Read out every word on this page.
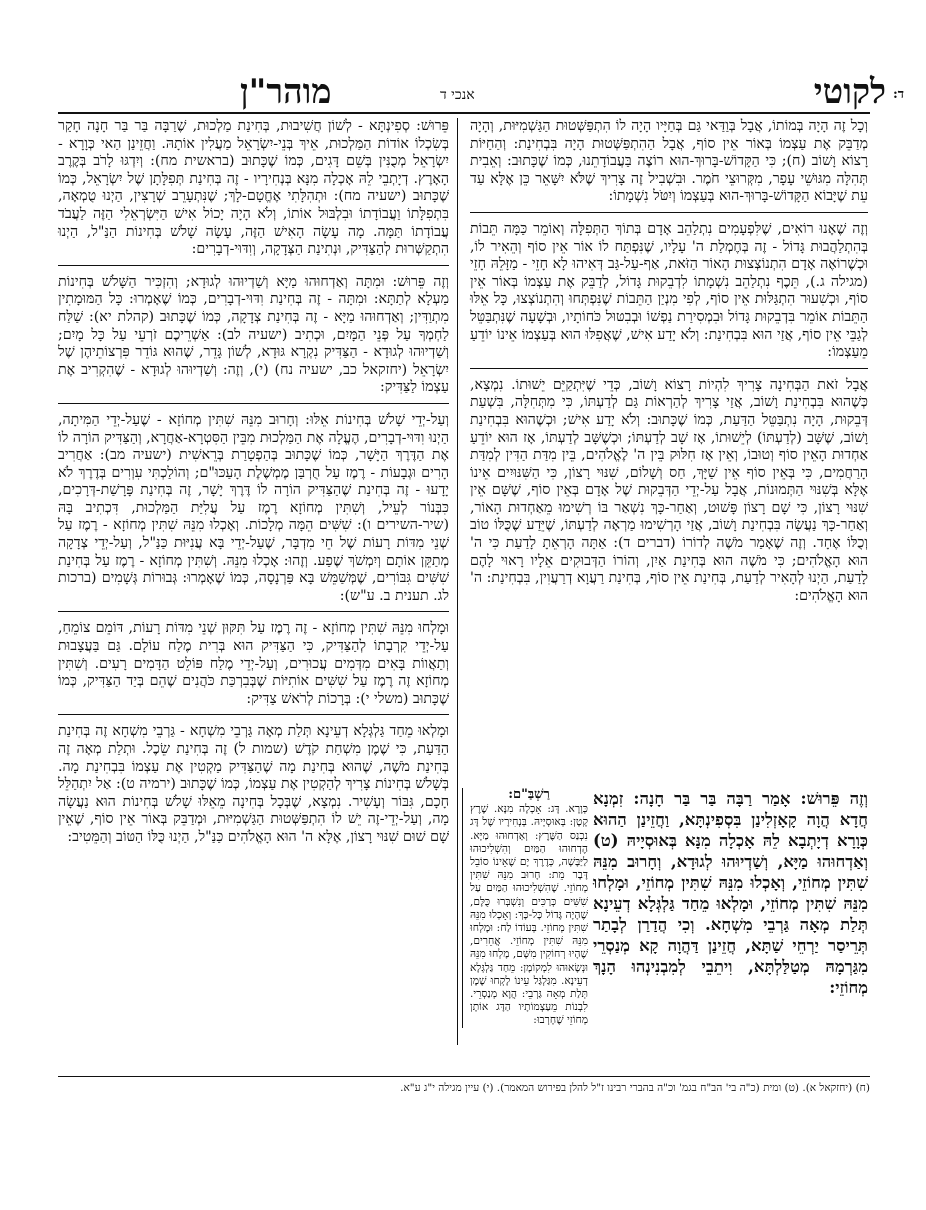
ד:
לקוטי
אנכי ד
מוהר"ן

וְכָל זֶה הָיָה בְּמוֹתוֹ, אֲבָל בְּוַדַּאי גַּם בְּחַיָּיו הָיָה לוֹ הִתְפַּשְּׁטוּת הַגַּשְׁמִיּוּת, וְהָיָה מְדַבֵּק אֶת עַצְמוֹ בְּאוֹר אֵין סוֹף, אֲבָל הַהִתְפַּשְּׁטוּת הָיָה בִּבְחִינַת: וְהַחַיּוֹת רָצוֹא וָשׁוֹב (ח); כִּי הַקָּדוֹשׁ-בָּרוּךְ-הוּא רוֹצֶה בַּעֲבוֹדָתֵנוּ, כְּמוֹ שֶׁכָּתוּב: וְאֵבִית תְּהִלָּה מִגּוּשֵׁי עָפָר, מִקְּרוּצֵי חֹמֶר. וּבִשְׁבִיל זֶה צָרִיךְ שֶׁלֹּא יִשָּׁאֵר כֵּן אֶלָּא עַד עֵת שֶׁיָּבוֹא הַקָּדוֹשׁ-בָּרוּךְ-הוּא בְּעַצְמוֹ וְיִטֹּל נִשְׁמָתוֹ:

וְזֶה שֶׁאָנוּ רוֹאִים, שֶׁלִּפְעָמִים נִתְלַהֵב אָדָם בְּתוֹךְ הַתְּפִלָּה וְאוֹמֵר כַּמָּה תֵּבוֹת בְּהִתְלַהֲבוּת גָּדוֹל - זֶה בְּחֶמְלַת ה' עָלָיו, שֶׁנִּפְתַּח לוֹ אוֹר אֵין סוֹף וְהֵאִיר לוֹ, וּכְשֶׁרוֹאֶה אָדָם הִתְנוֹצְצוּת הָאוֹר הַזֹּאת, אַף-עַל-גַּב דְּאִיהוּ לָא חָזֵי - מַזָּלֵהּ חָזֵי (מגילה ג.), תֵּכֶף נִתְלַהֵב נִשְׁמָתוֹ לִדְבֵקוּת גָּדוֹל, לְדַבֵּק אֶת עַצְמוֹ בְּאוֹר אֵין סוֹף, וּכְשִׁעוּר הִתְגַּלּוּת אֵין סוֹף, לְפִי מִנְיַן הַתֵּבוֹת שֶׁנִּפְתְּחוּ וְהִתְנוֹצְצוּ, כָּל אֵלּוּ הַתֵּבוֹת אוֹמֵר בִּדְבֵקוּת גָּדוֹל וּבִמְסִירַת נַפְשׁוֹ וּבְבִטּוּל כֹּחוֹתָיו, וּבְשָׁעָה שֶׁנִּתְבַּטֵּל לְגַבֵּי אֵין סוֹף, אֲזַי הוּא בִּבְחִינַת: וְלֹא יָדַע אִישׁ, שֶׁאֲפִלּוּ הוּא בְּעַצְמוֹ אֵינוֹ יוֹדֵעַ מֵעַצְמוֹ:

אֲבָל זֹאת הַבְּחִינָה צָרִיךְ לִהְיוֹת רָצוֹא וָשׁוֹב, כְּדֵי שֶׁיִּתְקַיֵּם יֵשׁוּתוֹ. נִמְצָא, כְּשֶׁהוּא בִּבְחִינַת וָשׁוֹב, אֲזַי צָרִיךְ לְהַרְאוֹת גַּם לְדַעְתּוֹ, כִּי מִתְּחִלָּה, בִּשְׁעַת דְּבֵקוּת, הָיָה נִתְבַּטֵּל הַדַּעַת, כְּמוֹ שֶׁכָּתוּב: וְלֹא יָדַע אִישׁ; וּכְשֶׁהוּא בִּבְחִינַת וָשׁוֹב, שֶׁשָּׁב (לְדַעְתּוֹ) לְיֵשׁוּתוֹ, אָז שָׁב לְדַעְתּוֹ; וּכְשֶׁשָּׁב לְדַעְתּוֹ, אָז הוּא יוֹדֵעַ אַחְדוּת הָאֵין סוֹף וְטוּבוֹ, וְאֵין אָז חִלּוּק בֵּין ה' לֶאֱלֹהִים, בֵּין מִדַּת הַדִּין לְמִדַּת הָרַחֲמִים, כִּי בְּאֵין סוֹף אֵין שַׁיָּךְ, חַס וְשָׁלוֹם, שִׁנּוּי רָצוֹן, כִּי הַשִּׁנּוּיִים אֵינוֹ אֶלָּא בְּשִׁנּוּי הַתְּמוּנוֹת, אֲבָל עַל-יְדֵי הַדְּבֵקוּת שֶׁל אָדָם בְּאֵין סוֹף, שֶׁשָּׁם אֵין שִׁנּוּי רָצוֹן, כִּי שָׁם רָצוֹן פָּשׁוּט, וְאַחַר-כָּךְ נִשְׁאַר בּוֹ רְשִׁימוּ מֵאַחְדוּת הָאוֹר, וְאַחַר-כָּךְ נַעֲשָׂה בִּבְחִינַת וָשׁוֹב, אֲזַי הָרְשִׁימוּ מַרְאָה לְדַעְתּוֹ, שֶׁיֵּדַע שֶׁכֻּלּוֹ טוֹב וְכֻלּוֹ אֶחָד. וְזֶה שֶׁאָמַר מֹשֶׁה לְדוֹרוֹ (דברים ד): אַתָּה הָרְאֵתָ לָדַעַת כִּי ה' הוּא הָאֱלֹהִים; כִּי מֹשֶׁה הוּא בְּחִינַת אַיִן, וְהוֹרוֹ הַדְּבוּקִים אֵלָיו רָאוּי לָהֶם לָדַעַת, הַיְנוּ לְהָאִיר לְדַעַת, בְּחִינַת אֵין סוֹף, בְּחִינַת רַעֲוָא דְרַעֲוִין, בִּבְחִינַת: ה' הוּא הָאֱלֹהִים:

וְזֶה פֵּרוּשׁ: אָמַר רַבָּה בַּר בַּר חָנָה: זִמְנָא חֲדָא הֲוָה קָאָזְלִינַן בִּסְפִינְתָּא, וַחֲזֵינַן הַהוּא כְּוָרָא דְיָתְבָא לֵהּ אָכְלָה מִנָּא בְּאוּסְיָיהּ (ט) וְאַדְחוּהוּ מַיָּא, וְשַׁדְיוּהוּ לְגוּדָא, וְחָרוּב מִנֵּהּ שִׁתִּין מְחוֹזֵי, וְאָכְלוּ מִנֵּהּ שִׁתִּין מְחוֹזֵי, וּמָלְחוּ מִנֵּהּ שִׁתִּין מְחוֹזֵי, וּמָלְאוּ מֵחַד גַּלְגְּלָא דְעֵינָא תְּלַת מְאָה גַּרְבֵי מִשְׁחָא. וְכִי הֲדַרַן לְבָתַר תְּרֵיסַר יַרְחֵי שַׁתָּא, חֲזֵינַן דַּהֲוָה קָא מְנַסְרֵי מִגַּרְמָהּ מְטַלַּלְתָּא, וִיתֵבֵי לְמִבְנִינְהוּ הָנָךְ מְחוֹזֵי:
רַשְׁבַּ"ם:
כְּוָרָא. דָּג: אָכְלָה מִנָּא. שֶׁרֶץ קָטָן: בְּאוּסְיָיהּ. בְּנְחִירָיו שֶׁל דָּג נִכְנַס הַשֶּׁרֶץ: וְאַדְחוּהוּ מַיָּא. הֶדְחוּהוּ הַמַּיִם וְהִשְׁלִיכוּהוּ לַיַּבָּשָׁה, כְּדֶרֶךְ יָם שֶׁאֵינוֹ סוֹבֵל דָּבָר מֵת: חָרוּב מִנֵּהּ שִׁתִּין מְחוֹזֵי. שֶׁהִשְׁלִיכוּהוּ הַמַּיִם עַל שִׁשִּׁים כְּרַכִּים וְנִשְׁבְּרוּ כֻּלָּם, שֶׁהָיָה גָּדוֹל כָּל-כָּךְ: וְאָכְלוּ מִנֵּהּ שִׁתִּין מְחוֹזֵי. בְּעוֹדוֹ לַח: וּמָלְחוּ מִנֵּהּ שִׁתִּין מְחוֹזֵי. אֲחֵרִים, שֶׁהָיוּ רְחוֹקִין מִשָּׁם, מָלְחוּ מִנֵּהּ וּנְשָׂאוּהוּ לִמְקוֹמָן: מֵחַד גַּלְגְּלָא דְעֵינָא. מִגַּלְגַּל עֵינוֹ לָקְחוּ שֶׁמֶן תְּלַת מְאָה גַּרְבֵי: הֲוָא מְנַסְרֵי. לִבְנוֹת מֵעַצְמוֹתָיו הַדָּג אוֹתָן מְחוֹזֵי שֶׁחָרְבוּ:

פֵּרוּשׁ: סְפִינְתָּא - לְשׁוֹן חֲשִׁיבוּת, בְּחִינַת מַלְכוּת, שֶׁרַבָּה בַּר בַּר חָנָה חָקַר בְּשִׂכְלוֹ אוֹדוֹת הַמַּלְכוּת, אֵיךְ בְּנֵי-יִשְׂרָאֵל מַעֲלִין אוֹתָהּ. וַחֲזֵינַן הַאי כְּוָרָא - יִשְׂרָאֵל מְכֻנִּין בְּשֵׁם דָּגִים, כְּמוֹ שֶׁכָּתוּב (בראשית מח): וְיִדְגּוּ לָרֹב בְּקֶרֶב הָאָרֶץ. דְיָתְבֵי לֵהּ אָכְלָה מִנָּא בְּנְחִירָיו - זֶה בְּחִינַת תְּפִלָּתָן שֶׁל יִשְׂרָאֵל, כְּמוֹ שֶׁכָּתוּב (ישעיה מח): וּתְהִלָּתִי אֶחֱטָם-לָךְ; שֶׁנִּתְעָרֵב שְׁרָצִין, הַיְנוּ טֻמְאָה, בִּתְפִלָּתוֹ וַעֲבוֹדָתוֹ וּבִלְבּוּל אוֹתוֹ, וְלֹא הָיָה יָכוֹל אִישׁ הַיִּשְׂרְאֵלִי הַזֶּה לַעֲבֹד עֲבוֹדָתוֹ תַּמָּה. מָה עָשָׂה הָאִישׁ הַזֶּה, עָשָׂה שָׁלֹשׁ בְּחִינוֹת הַנַּ"ל, הַיְנוּ הִתְקַשְּׁרוּת לְהַצַּדִּיק, וּנְתִינַת הַצְּדָקָה, וְוִדּוּי-דְבָרִים:

וְזֶה פֵּרוּשׁ: וּמִתָּה וְאַדְחוּהוּ מַיָּא וְשַׁדְיוּהוּ לְגוּדָא; וְהִזְכִּיר הַשָּׁלֹשׁ בְּחִינוֹת מַעְלָא לְתַתָּא: וּמִתָּה - זֶה בְּחִינַת וִדּוּי-דְבָרִים, כְּמוֹ שֶׁאָמְרוּ: כָּל הַמּוּמָתִין מִתְוַדִּין; וְאַדְחוּהוּ מַיָּא - זֶה בְּחִינַת צְדָקָה, כְּמוֹ שֶׁכָּתוּב (קהלת יא): שַׁלַּח לַחְמְךָ עַל פְּנֵי הַמָּיִם, וּכְתִיב (ישעיה לב): אַשְׁרֵיכֶם זֹרְעֵי עַל כָּל מָיִם; וְשַׁדְיוּהוּ לְגוּדָא - הַצַּדִּיק נִקְרָא גּוּדָא, לְשׁוֹן גָּדֵר, שֶׁהוּא גּוֹדֵר פִּרְצוֹתֵיהֶן שֶׁל יִשְׂרָאֵל (יחזקאל כב, ישעיה נח) (י), וְזֶה: וְשַׁדְיוּהוּ לְגוּדָא - שֶׁהִקְרִיב אֶת עַצְמוֹ לַצַּדִּיק:

וְעַל-יְדֵי שָׁלֹשׁ בְּחִינוֹת אֵלּוּ: וְחָרוּב מִנֵּהּ שִׁתִּין מְחוֹזָא - שֶׁעַל-יְדֵי הַמִּיתָה, הַיְנוּ וִדּוּי-דְבָרִים, הֶעֱלָה אֶת הַמַּלְכוּת מִבֵּין הַסִּטְרָא-אַחֲרָא, וְהַצַּדִּיק הוֹרָה לוֹ אֶת הַדֶּרֶךְ הַיָּשָׁר, כְּמוֹ שֶׁכָּתוּב בְּהַפְטָרַת בְּרֵאשִׁית (ישעיה מב): אַחֲרִיב הָרִים וּגְבָעוֹת - רֶמֶז עַל חֻרְבַּן מֶמְשֶׁלֶת הָעַכּוּ"ם; וְהוֹלַכְתִּי עִוְרִים בְּדֶרֶךְ לֹא יָדָעוּ - זֶה בְּחִינַת שֶׁהַצַּדִּיק הוֹרָה לוֹ דֶּרֶךְ יָשָׁר, זֶה בְּחִינַת פָּרָשַׁת-דְּרָכִים, כִּבְּנוֹר לְעֵיל, וְשִׁתִּין מְחוֹזָא רֶמֶז עַל עֲלִיַּת הַמַּלְכוּת, דִּכְתִיב בָּהּ (שיר-השירים ו): שִׁשִּׁים הֵמָּה מְלָכוֹת. וְאָכְלוּ מִנֵּהּ שִׁתִּין מְחוֹזָא - רֶמֶז עַל שְׁנֵי מִדּוֹת רָעוֹת שֶׁל חֵי מִדְבָּר, שֶׁעַל-יְדֵי בָּא עֲנִיּוּת כַּנַּ"ל, וְעַל-יְדֵי צְדָקָה מְתַקֵּן אוֹתָם וְיִמְשֹׁךְ שֶׁפַע. וְזֶהוּ: אָכְלוּ מִנֵּהּ. וְשִׁתִּין מְחוֹזָא - רֶמֶז עַל בְּחִינַת שִׁשִּׁים גִּבּוֹרִים, שֶׁמְּשַׁמֵּשׁ בָּא פַּרְנָסָה, כְּמוֹ שֶׁאָמְרוּ: גְּבוּרוֹת גְּשָׁמִים (ברכות לג. תענית ב. ע"ש):

וּמָלְחוּ מִנֵּהּ שִׁתִּין מְחוֹזָא - זֶה רֶמֶז עַל תִּקּוּן שְׁנֵי מִדּוֹת רָעוֹת, דּוֹמֵם צוֹמֵחַ, עַל-יְדֵי קִרְבָתוֹ לְהַצַּדִּיק, כִּי הַצַּדִּיק הוּא בְּרִית מֶלַח עוֹלָם. גַּם בַּעֲצָבוּת וְתַאֲווֹת בָּאִים מִדְּמִים עֲכוּרִים, וְעַל-יְדֵי מֶלַח פּוֹלֵט הַדָּמִים רָעִים. וְשִׁתִּין מְחוֹזָא זֶה רֶמֶז עַל שִׁשִּׁים אוֹתִיּוֹת שֶׁבְּבִרְכַּת כֹּהֲנִים שֶׁהֵם בְּיַד הַצַּדִּיק, כְּמוֹ שֶׁכָּתוּב (משלי י): בְּרָכוֹת לְרֹאשׁ צַדִּיק:

וּמָלְאוּ מֵחַד גַּלְגְּלָא דְעֵינָא תְּלַת מְאָה גַּרְבֵי מִשְׁחָא - גַּרְבֵי מִשְׁחָא זֶה בְּחִינַת הַדַּעַת, כִּי שֶׁמֶן מִשְׁחַת קֹדֶשׁ (שמות ל) זֶה בְּחִינַת שֵׂכֶל. וּתְלַת מְאָה זֶה בְּחִינַת מֹשֶׁה, שֶׁהוּא בְּחִינַת מָה שֶׁהַצַּדִּיק מַקְטִין אֶת עַצְמוֹ בִּבְחִינַת מָה. בְּשָׁלֹשׁ בְּחִינוֹת צָרִיךְ לְהַקְטִין אֶת עַצְמוֹ, כְּמוֹ שֶׁכָּתוּב (ירמיה ט): אַל יִתְהַלֵּל חָכָם, גִּבּוֹר וְעָשִׁיר. נִמְצָא, שֶׁבְּכָל בְּחִינָה מֵאֵלּוּ שָׁלֹשׁ בְּחִינוֹת הוּא נַעֲשָׂה מָה, וְעַל-יְדֵי-זֶה יֵשׁ לוֹ הִתְפַּשְּׁטוּת הַגַּשְׁמִיּוּת, וּמְדַבֵּק בְּאוֹר אֵין סוֹף, שֶׁאֵין שָׁם שׁוּם שִׁנּוּי רָצוֹן, אֶלָּא ה' הוּא הָאֱלֹהִים כַּנַּ"ל, הַיְנוּ כֻּלּוֹ הַטּוֹב וְהַמֵּטִיב:

(ח) (יחזקאל א). (ט) ומית (כ"ה בי' הב"ח בגמ' וכ"ה בהברי רבינו ז"ל להלן בפירוש המאמר). (י) עיין מגילה י"ג ע"א.
